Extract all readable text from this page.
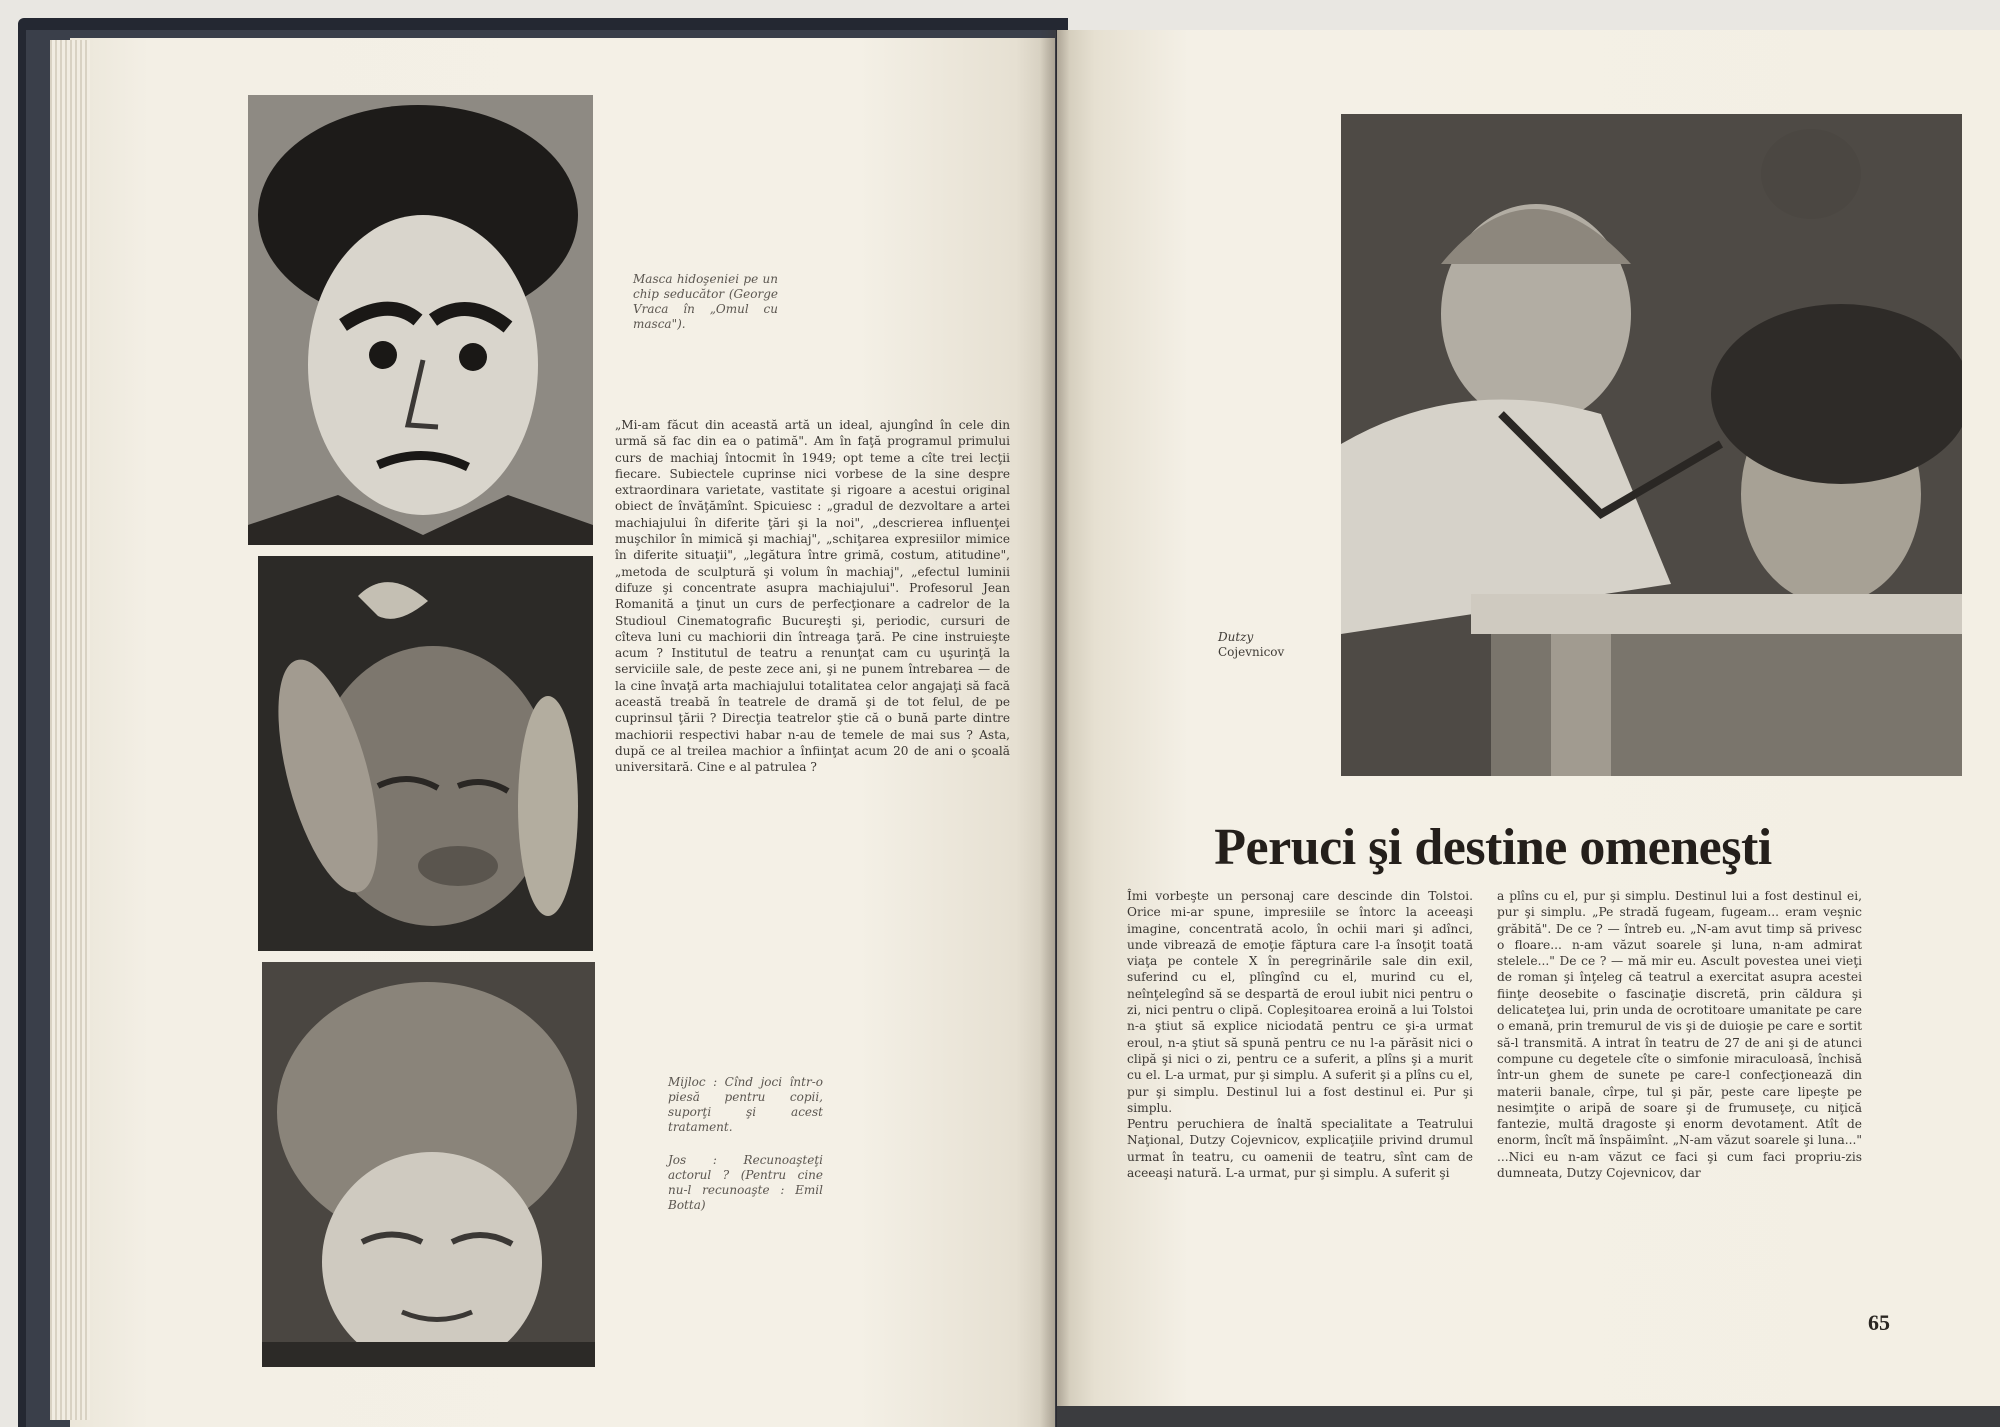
Masca hidoşeniei pe un chip seducător (George Vraca în „Omul cu masca").
„Mi-am făcut din această artă un ideal, ajungînd în cele din urmă să fac din ea o patimă". Am în faţă programul primului curs de machiaj întocmit în 1949; opt teme a cîte trei lecţii fiecare. Subiectele cuprinse nici vorbese de la sine despre extraordinara varietate, vastitate şi rigoare a acestui original obiect de învăţămînt. Spicuiesc : „gradul de dezvoltare a artei machiajului în diferite ţări şi la noi", „descrierea influenţei muşchilor în mimică şi machiaj", „schiţarea expresiilor mimice în diferite situaţii", „legătura între grimă, costum, atitudine", „metoda de sculptură şi volum în machiaj", „efectul luminii difuze şi concentrate asupra machiajului". Profesorul Jean Romanită a ţinut un curs de perfecţionare a cadrelor de la Studioul Cinematografic Bucureşti şi, periodic, cursuri de cîteva luni cu machiorii din întreaga ţară. Pe cine instruieşte acum ? Institutul de teatru a renunţat cam cu uşurinţă la serviciile sale, de peste zece ani, şi ne punem întrebarea — de la cine învaţă arta machiajului totalitatea celor angajaţi să facă această treabă în teatrele de dramă şi de tot felul, de pe cuprinsul ţării ? Direcţia teatrelor ştie că o bună parte dintre machiorii respectivi habar n-au de temele de mai sus ? Asta, după ce al treilea machior a înfiinţat acum 20 de ani o şcoală universitară. Cine e al patrulea ?
Mijloc : Cînd joci într-o piesă pentru copii, suporţi şi acest tratament.
Jos : Recunoaşteţi actorul ? (Pentru cine nu-l recunoaşte : Emil Botta)
Dutzy
Cojevnicov
Peruci şi destine omeneşti
Îmi vorbeşte un personaj care descinde din Tolstoi. Orice mi-ar spune, impresiile se întorc la aceeaşi imagine, concentrată acolo, în ochii mari şi adînci, unde vibrează de emoţie făptura care l-a însoţit toată viaţa pe contele X în peregrinările sale din exil, suferind cu el, plîngînd cu el, murind cu el, neînţelegînd să se despartă de eroul iubit nici pentru o zi, nici pentru o clipă. Copleşitoarea eroină a lui Tolstoi n-a ştiut să explice niciodată pentru ce şi-a urmat eroul, n-a ştiut să spună pentru ce nu l-a părăsit nici o clipă şi nici o zi, pentru ce a suferit, a plîns şi a murit cu el. L-a urmat, pur şi simplu. A suferit şi a plîns cu el, pur şi simplu. Destinul lui a fost destinul ei. Pur şi simplu.
Pentru peruchiera de înaltă specialitate a Teatrului Naţional, Dutzy Cojevnicov, explicaţiile privind drumul urmat în teatru, cu oamenii de teatru, sînt cam de aceeaşi natură. L-a urmat, pur şi simplu. A suferit şi
a plîns cu el, pur şi simplu. Destinul lui a fost destinul ei, pur şi simplu. „Pe stradă fugeam, fugeam... eram veşnic grăbită". De ce ? — întreb eu. „N-am avut timp să privesc o floare... n-am văzut soarele şi luna, n-am admirat stelele..." De ce ? — mă mir eu. Ascult povestea unei vieţi de roman şi înţeleg că teatrul a exercitat asupra acestei fiinţe deosebite o fascinaţie discretă, prin căldura şi delicateţea lui, prin unda de ocrotitoare umanitate pe care o emană, prin tremurul de vis şi de duioşie pe care e sortit să-l transmită. A intrat în teatru de 27 de ani şi de atunci compune cu degetele cîte o simfonie miraculoasă, închisă într-un ghem de sunete pe care-l confecţionează din materii banale, cîrpe, tul şi păr, peste care lipeşte pe nesimţite o aripă de soare şi de frumuseţe, cu niţică fantezie, multă dragoste şi enorm devotament. Atît de enorm, încît mă înspăimînt. „N-am văzut soarele şi luna..." ...Nici eu n-am văzut ce faci şi cum faci propriu-zis dumneata, Dutzy Cojevnicov, dar
65
